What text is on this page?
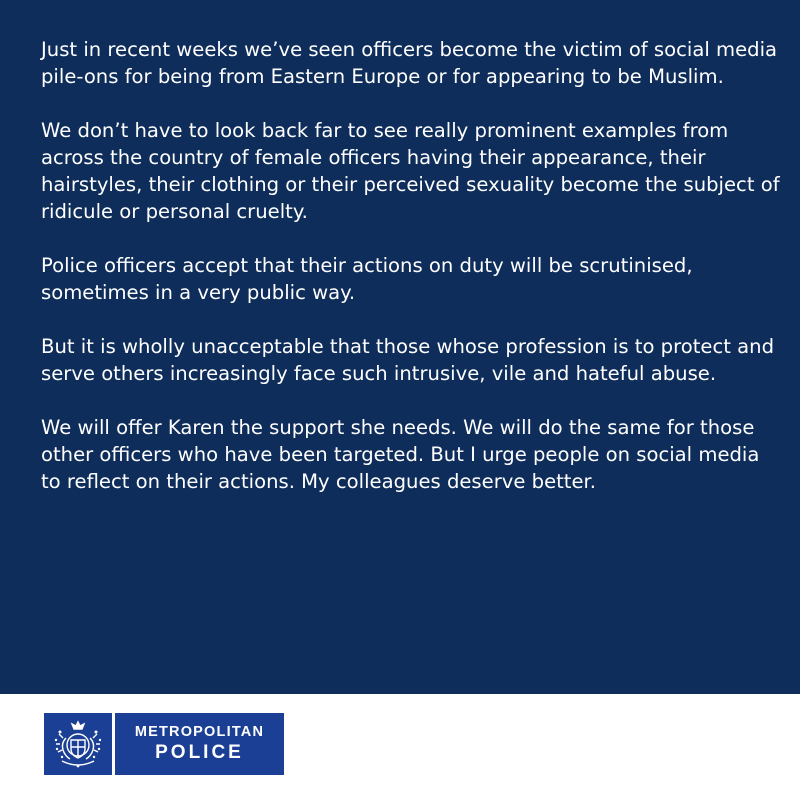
Just in recent weeks we’ve seen officers become the victim of social media pile-ons for being from Eastern Europe or for appearing to be Muslim.

We don’t have to look back far to see really prominent examples from across the country of female officers having their appearance, their hairstyles, their clothing or their perceived sexuality become the subject of ridicule or personal cruelty.

Police officers accept that their actions on duty will be scrutinised, sometimes in a very public way.

But it is wholly unacceptable that those whose profession is to protect and serve others increasingly face such intrusive, vile and hateful abuse.

We will offer Karen the support she needs. We will do the same for those other officers who have been targeted. But I urge people on social media to reflect on their actions. My colleagues deserve better.

METROPOLITAN
POLICE
